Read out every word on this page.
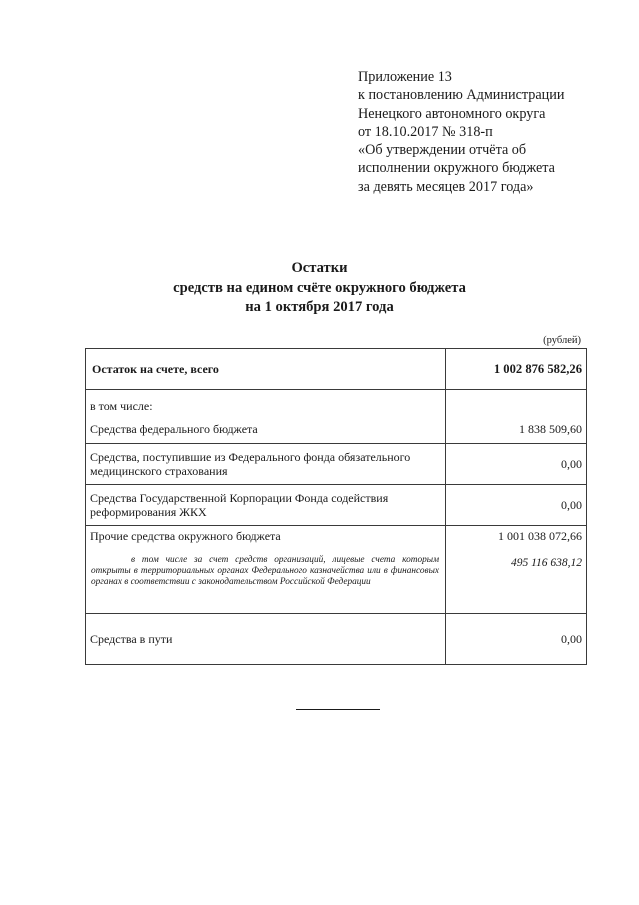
Приложение 13
к постановлению Администрации
Ненецкого автономного округа
от 18.10.2017 № 318-п
«Об утверждении отчёта об
исполнении окружного бюджета
за девять месяцев 2017 года»
Остатки
средств на едином счёте окружного бюджета
на 1 октября 2017 года
(рублей)
Остаток на счете, всего	1 002 876 582,26
в том числе:	
Средства федерального бюджета	1 838 509,60
Средства, поступившие из Федерального фонда обязательного медицинского страхования	0,00
Средства Государственной Корпорации Фонда содействия реформирования ЖКХ	0,00
Прочие средства окружного бюджета	1 001 038 072,66

в том числе за счет средств организаций, лицевые счета которым открыты в территориальных органах Федерального казначейства или в финансовых органах в соответствии с законодательством Российской Федерации	495 116 638,12
Средства в пути	0,00
